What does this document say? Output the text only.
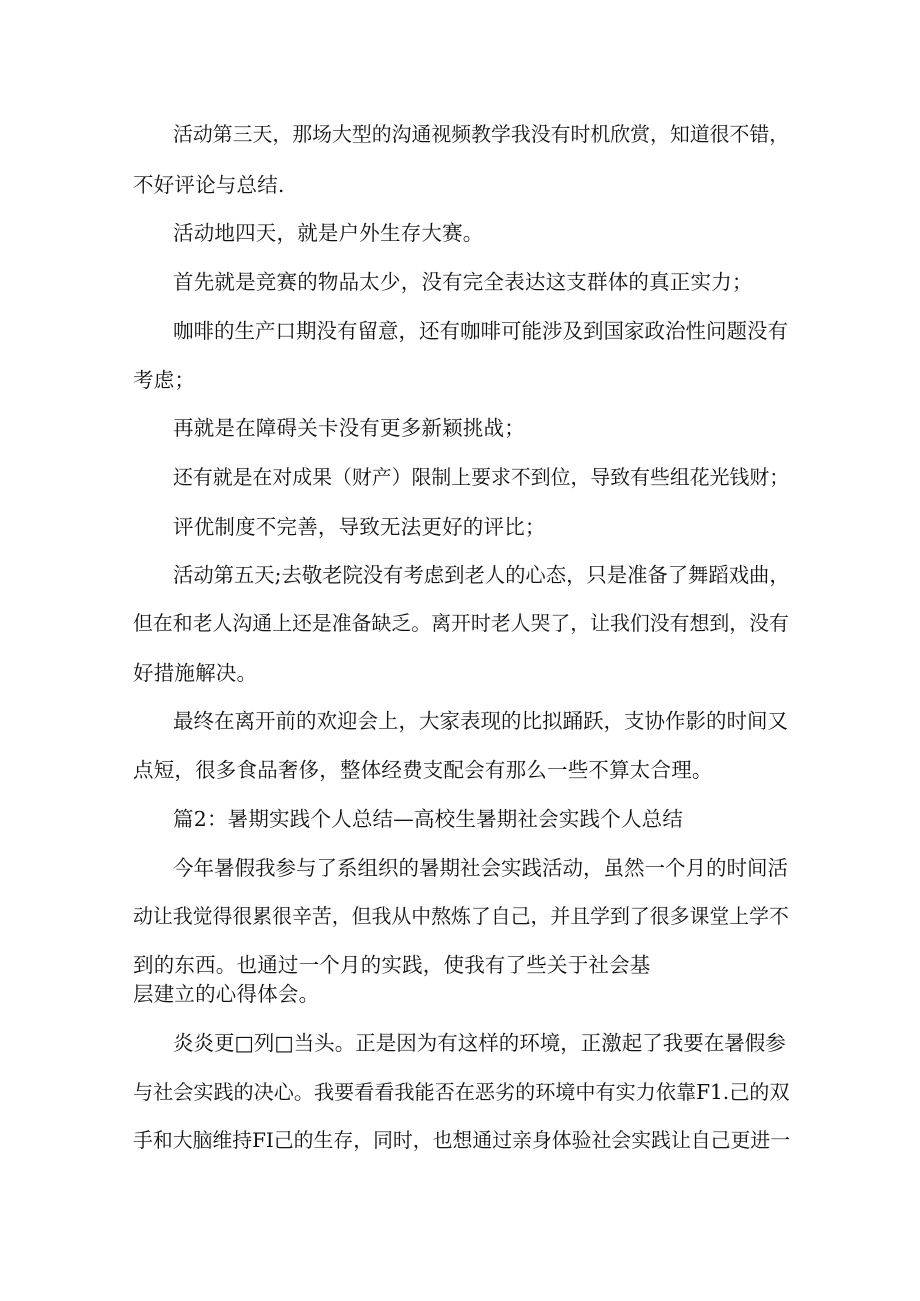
活动第三天，那场大型的沟通视频教学我没有时机欣赏，知道很不错，
不好评论与总结.
活动地四天，就是户外生存大赛。
首先就是竞赛的物品太少，没有完全表达这支群体的真正实力；
咖啡的生产口期没有留意，还有咖啡可能涉及到国家政治性问题没有
考虑；
再就是在障碍关卡没有更多新颖挑战；
还有就是在对成果（财产）限制上要求不到位，导致有些组花光钱财；
评优制度不完善，导致无法更好的评比；
活动第五天;去敬老院没有考虑到老人的心态，只是准备了舞蹈戏曲，
但在和老人沟通上还是准备缺乏。离开时老人哭了，让我们没有想到，没有
好措施解决。
最终在离开前的欢迎会上，大家表现的比拟踊跃，支协作影的时间又
点短，很多食品奢侈，整体经费支配会有那么一些不算太合理。
篇2：暑期实践个人总结—高校生暑期社会实践个人总结
今年暑假我参与了系组织的暑期社会实践活动，虽然一个月的时间活
动让我觉得很累很辛苦，但我从中熬炼了自己，并且学到了很多课堂上学不
到的东西。也通过一个月的实践，使我有了些关于社会基
层建立的心得体会。
炎炎更□列□当头。正是因为有这样的环境，正激起了我要在暑假参
与社会实践的决心。我要看看我能否在恶劣的环境中有实力依靠F1.己的双
手和大脑维持FI己的生存，同时，也想通过亲身体验社会实践让自己更进一
